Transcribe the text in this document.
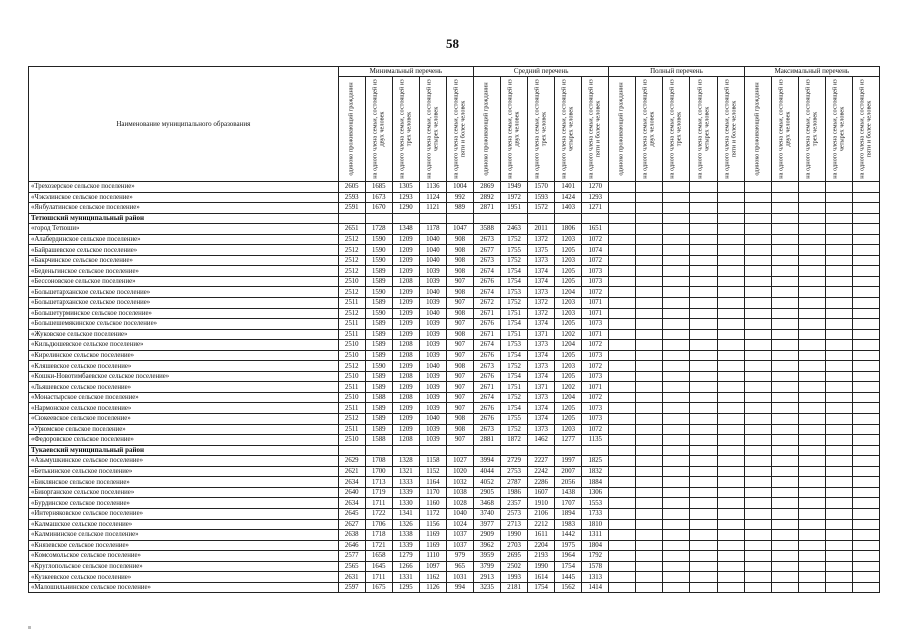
58
Наименование муниципального образования	Минимальный перечень					Средний перечень					Полный перечень					Максимальный перечень				

	одиноко проживающий гражданин	на одного члена семьи, состоящей из двух человек	на одного члена семьи, состоящей из трех человек	на одного члена семьи, состоящей из четырех человек	на одного члена семьи, состоящей из пяти и более человек	одиноко проживающий гражданин	на одного члена семьи, состоящей из двух человек	на одного члена семьи, состоящей из трех человек	на одного члена семьи, состоящей из четырех человек	на одного члена семьи, состоящей из пяти и более человек	одиноко проживающий гражданин	на одного члена семьи, состоящей из двух человек	на одного члена семьи, состоящей из трех человек	на одного члена семьи, состоящей из четырех человек	на одного члена семьи, состоящей из пяти и более человек	одиноко проживающий гражданин	на одного члена семьи, состоящей из двух человек	на одного члена семьи, состоящей из трех человек	на одного члена семьи, состоящей из четырех человек	на одного члена семьи, состоящей из пяти и более человек

«Трехозерское сельское поселение»	2605	1685	1305	1136	1004	2869	1949	1570	1401	1270										
«Чэкэлинское сельское поселение»	2593	1673	1293	1124	992	2892	1972	1593	1424	1293										
«Янбулатинское сельское поселение»	2591	1670	1290	1121	989	2871	1951	1572	1403	1271										
Тетюшский муниципальный район																				
«город Тетюши»	2651	1728	1348	1178	1047	3588	2463	2011	1806	1651										
«Алабердинское сельское поселение»	2512	1590	1209	1040	908	2673	1752	1372	1203	1072										
«Байрашевское сельское поселение»	2512	1590	1209	1040	908	2677	1755	1375	1205	1074										
«Бакрчинское сельское поселение»	2512	1590	1209	1040	908	2673	1752	1373	1203	1072										
«Беденьгинское сельское поселение»	2512	1589	1209	1039	908	2674	1754	1374	1205	1073										
«Бессоновское сельское поселение»	2510	1589	1208	1039	907	2676	1754	1374	1205	1073										
«Большетарханское сельское поселение»	2512	1590	1209	1040	908	2674	1753	1373	1204	1072										
«Большетарханское сельское поселение»	2511	1589	1209	1039	907	2672	1752	1372	1203	1071										
«Большетурминское сельское поселение»	2512	1590	1209	1040	908	2671	1751	1372	1203	1071										
«Большешемякинское сельское поселение»	2511	1589	1209	1039	907	2676	1754	1374	1205	1073										
«Жуковское сельское поселение»	2511	1589	1209	1039	908	2671	1751	1371	1202	1071										
«Кильдюшевское сельское поселение»	2510	1589	1208	1039	907	2674	1753	1373	1204	1072										
«Кирелинское сельское поселение»	2510	1589	1208	1039	907	2676	1754	1374	1205	1073										
«Кляшевское сельское поселение»	2512	1590	1209	1040	908	2673	1752	1373	1203	1072										
«Кошки-Новотимбаевское сельское поселение»	2510	1589	1208	1039	907	2676	1754	1374	1205	1073										
«Льяшевское сельское поселение»	2511	1589	1209	1039	907	2671	1751	1371	1202	1071										
«Монастырское сельское поселение»	2510	1588	1208	1039	907	2674	1752	1373	1204	1072										
«Нармонское сельское поселение»	2511	1589	1209	1039	907	2676	1754	1374	1205	1073										
«Сюкеевское сельское поселение»	2512	1589	1209	1040	908	2676	1755	1374	1205	1073										
«Урюмское сельское поселение»	2511	1589	1209	1039	908	2673	1752	1373	1203	1072										
«Федоровское сельское поселение»	2510	1588	1208	1039	907	2881	1872	1462	1277	1135										
Тукаевский муниципальный район																				
«Азьмушкинское сельское поселение»	2629	1708	1328	1158	1027	3994	2729	2227	1997	1825										
«Бетькинское сельское поселение»	2621	1700	1321	1152	1020	4044	2753	2242	2007	1832										
«Биклянское сельское поселение»	2634	1713	1333	1164	1032	4052	2787	2286	2056	1884										
«Биюрганское сельское поселение»	2640	1719	1339	1170	1038	2905	1986	1607	1438	1306										
«Бурдинское сельское поселение»	2634	1711	1330	1160	1028	3468	2357	1910	1707	1553										
«Интерняковское сельское поселение»	2645	1722	1341	1172	1040	3740	2573	2106	1894	1733										
«Калмашское сельское поселение»	2627	1706	1326	1156	1024	3977	2713	2212	1983	1810										
«Калмининское сельское поселение»	2638	1718	1338	1169	1037	2909	1990	1611	1442	1311										
«Князевское сельское поселение»	2646	1721	1339	1169	1037	3962	2703	2204	1975	1804										
«Комсомольское сельское поселение»	2577	1658	1279	1110	979	3959	2695	2193	1964	1792										
«Круглопольское сельское поселение»	2565	1645	1266	1097	965	3799	2502	1990	1754	1578										
«Кузкеевское сельское поселение»	2631	1711	1331	1162	1031	2913	1993	1614	1445	1313										
«Малошильнинское сельское поселение»	2597	1675	1295	1126	994	3235	2181	1754	1562	1414										
